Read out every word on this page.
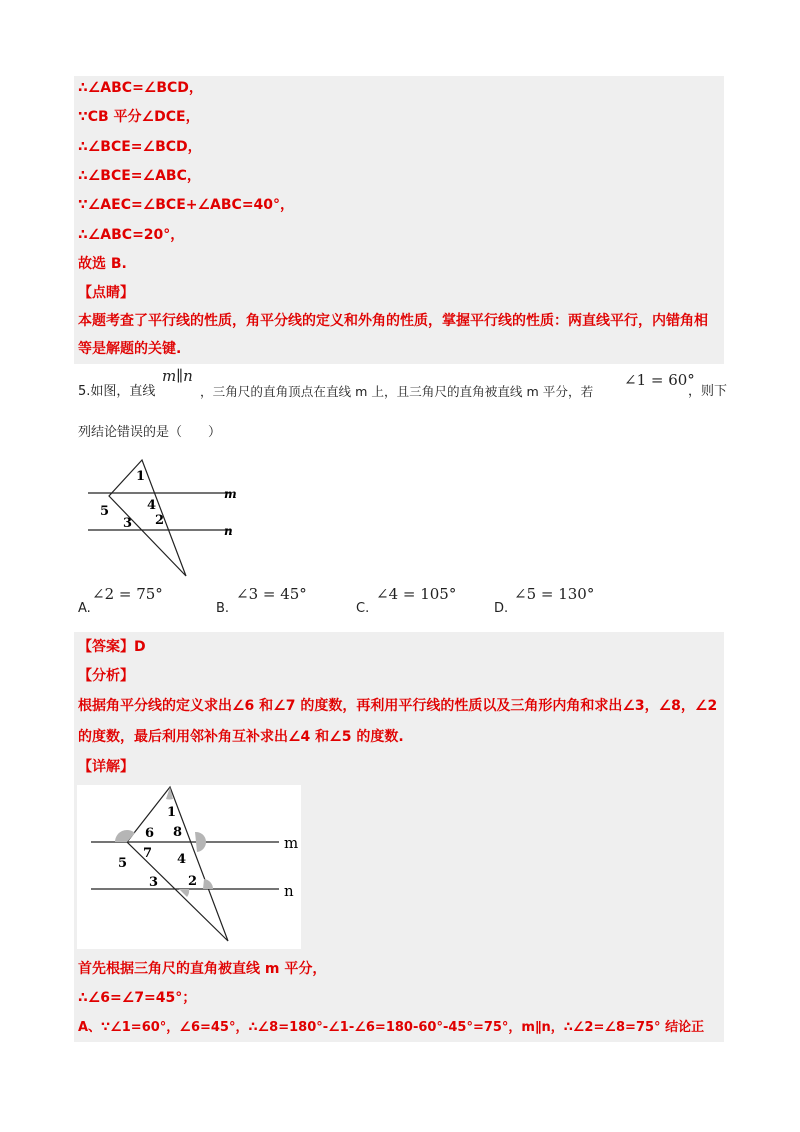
∴∠ABC=∠BCD，
∵CB 平分∠DCE，
∴∠BCE=∠BCD，
∴∠BCE=∠ABC，
∵∠AEC=∠BCE+∠ABC=40°，
∴∠ABC=20°，
故选 B.
【点睛】
本题考查了平行线的性质，角平分线的定义和外角的性质，掌握平行线的性质：两直线平行，内错角相
等是解题的关键.
5.如图，直线
m∥n
，三角尺的直角顶点在直线 m 上，且三角尺的直角被直线 m 平分，若
∠1 = 60°
，则下
列结论错误的是（　　）
1
4
5
3 2
m
n
A.
∠2 = 75°
B.
∠3 = 45°
C.
∠4 = 105°
D.
∠5 = 130°
【答案】D
【分析】
根据角平分线的定义求出∠6 和∠7 的度数，再利用平行线的性质以及三角形内角和求出∠3，∠8，∠2
的度数，最后利用邻补角互补求出∠4 和∠5 的度数.
【详解】
1
6 8
7
5	4
3 2
m
n
首先根据三角尺的直角被直线 m 平分，
∴∠6=∠7=45°；
A、∵∠1=60°，∠6=45°，∴∠8=180°-∠1-∠6=180-60°-45°=75°，m∥n，∴∠2=∠8=75° 结论正
